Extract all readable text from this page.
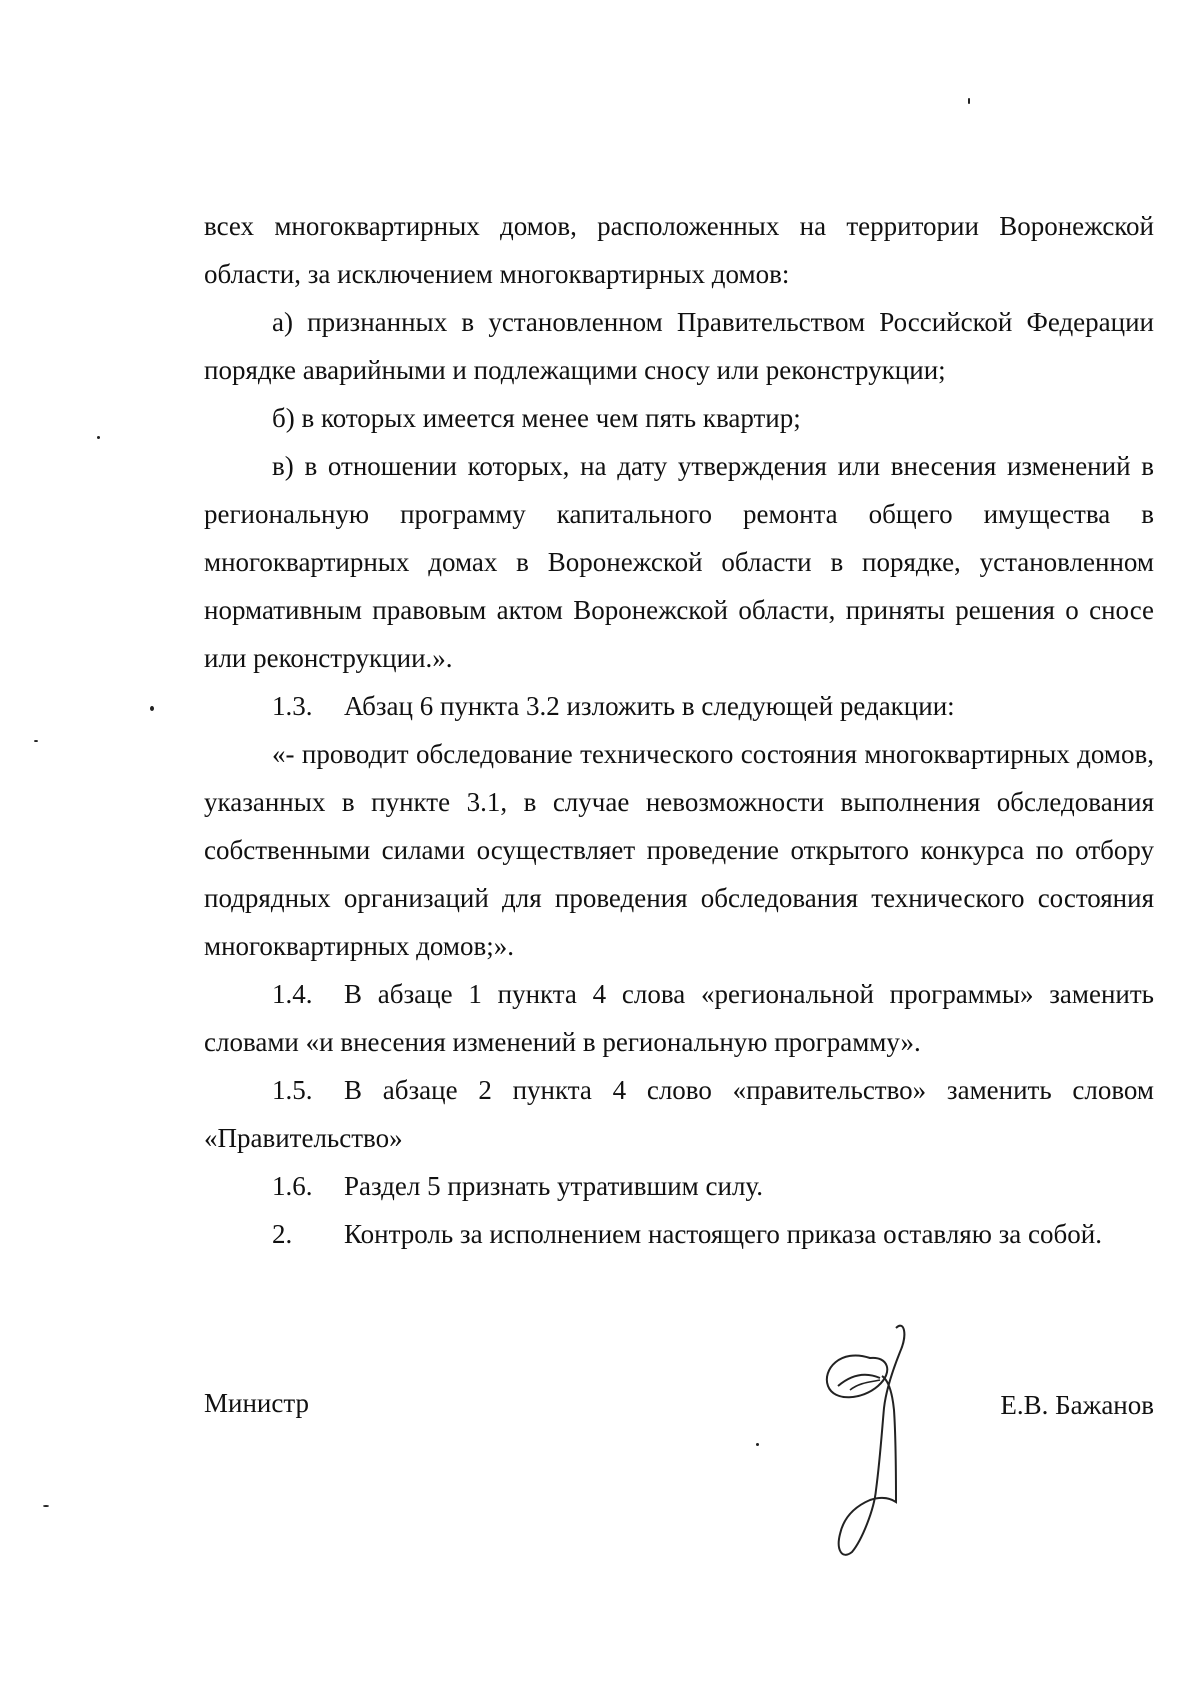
всех многоквартирных домов, расположенных на территории Воронежской области, за исключением многоквартирных домов:

а) признанных в установленном Правительством Российской Федерации порядке аварийными и подлежащими сносу или реконструкции;

б) в которых имеется менее чем пять квартир;

в) в отношении которых, на дату утверждения или внесения изменений в региональную программу капитального ремонта общего имущества в многоквартирных домах в Воронежской области в порядке, установленном нормативным правовым актом Воронежской области, приняты решения о сносе или реконструкции.».

1.3. Абзац 6 пункта 3.2 изложить в следующей редакции:

«- проводит обследование технического состояния многоквартирных домов, указанных в пункте 3.1, в случае невозможности выполнения обследования собственными силами осуществляет проведение открытого конкурса по отбору подрядных организаций для проведения обследования технического состояния многоквартирных домов;».

1.4. В абзаце 1 пункта 4 слова «региональной программы» заменить словами «и внесения изменений в региональную программу».

1.5. В абзаце 2 пункта 4 слово «правительство» заменить словом «Правительство»

1.6. Раздел 5 признать утратившим силу.

2. Контроль за исполнением настоящего приказа оставляю за собой.

Министр	Е.В. Бажанов
